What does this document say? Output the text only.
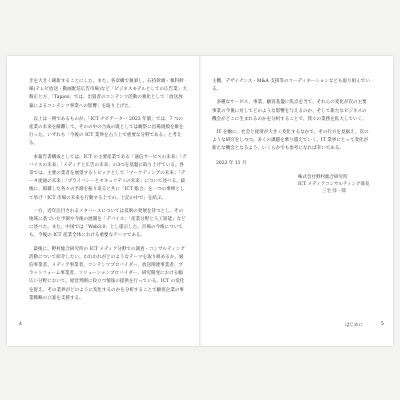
きを大きく刷新することにした。また、各章構で執筆し、石持幹雄・執科幹様(テレビ放送・動画配信広告市場)など「ビジネスモデルとしての広告業」大韓正と方、「Tapiox」では、出資者のコンテンツ活動の強化として「放送放棄によるコンテンツ事業への影響」を取り上げた。

以上は一例であるものが、「ICT ナビゲーター 2023 年版」では、7 つの産業の未来を解離して、そのの中の合成の既としては観察に出場規模を維を行った。いずれも「今後の ICT 業界を占う上で重要な分野である」と考える。

本報告書構成としては、ICT の主要産業である「通信サービスの未来」「デバイスの未来」「メディアと広告の未来」の3つを基盤に取り上げている。各章では、主要の業者を展望するトピックとして「マーケティングの未来」「データ流通の未来」「プライバシーとセキュリティの未来」について述べる。最後に、掲載した各々の予測を振り返ると共に「ICT 総合」を一つの事例として挙げ「ICT 市場の未来を行動する上での、上記の中で」を結ぶ。

一方、近年注目されるメタバースについては技術の発展を待つとし、その地域に基づいた予測や今後の展開を「デバイス」「産業分野と人工知能」などに述べた。また、中国では「Web3.0」とし提示した、市場の今後についても、今後の ICT 産業全体における重要なテーマである。

最後に、野村総合研究所の ICT メディア分野での調査・コンサルティング活動について紹介したい。われわれがどのようなテーマを取り組めるか、通信事業者、メディア事業者、コンテンツプロバイダー、放送関連事業者、プラットフォーム事業者、ソリューションプロバイダー、研究開発における幅広い分野において、経営判断に役立つ情報の提供を行っている。ICT の変化を捉え、その業界がどのように変化するのかを分析することで顧客企業の事業戦略の立案を支援する。

主機、デザイナンス・M&A 支援等のコーディネーションなども取り組んでいる。

多種なサービス、事業、顧客基盤に焦点を当て、それらの変化が次の主要事業の今後に対してどのような影響を与えるのか、そして新たなビジネスの機会がどこに生まれるのかを分析することで、我々の業務を拡大していく。

IT を軸に、社会と経済が大きく変化するなかで、その行方を見据え、次のような研究をしつつ、多くの課題を乗り越えていく。IT 業界にとって変化が新たな機会となるよう、いくらかでも参考になれば幸いである。

2022 年 11 月
株式会社野村総合研究所
ICT メディアコンサルティング部長
三宅 洋一郎
4	はじめに	5
